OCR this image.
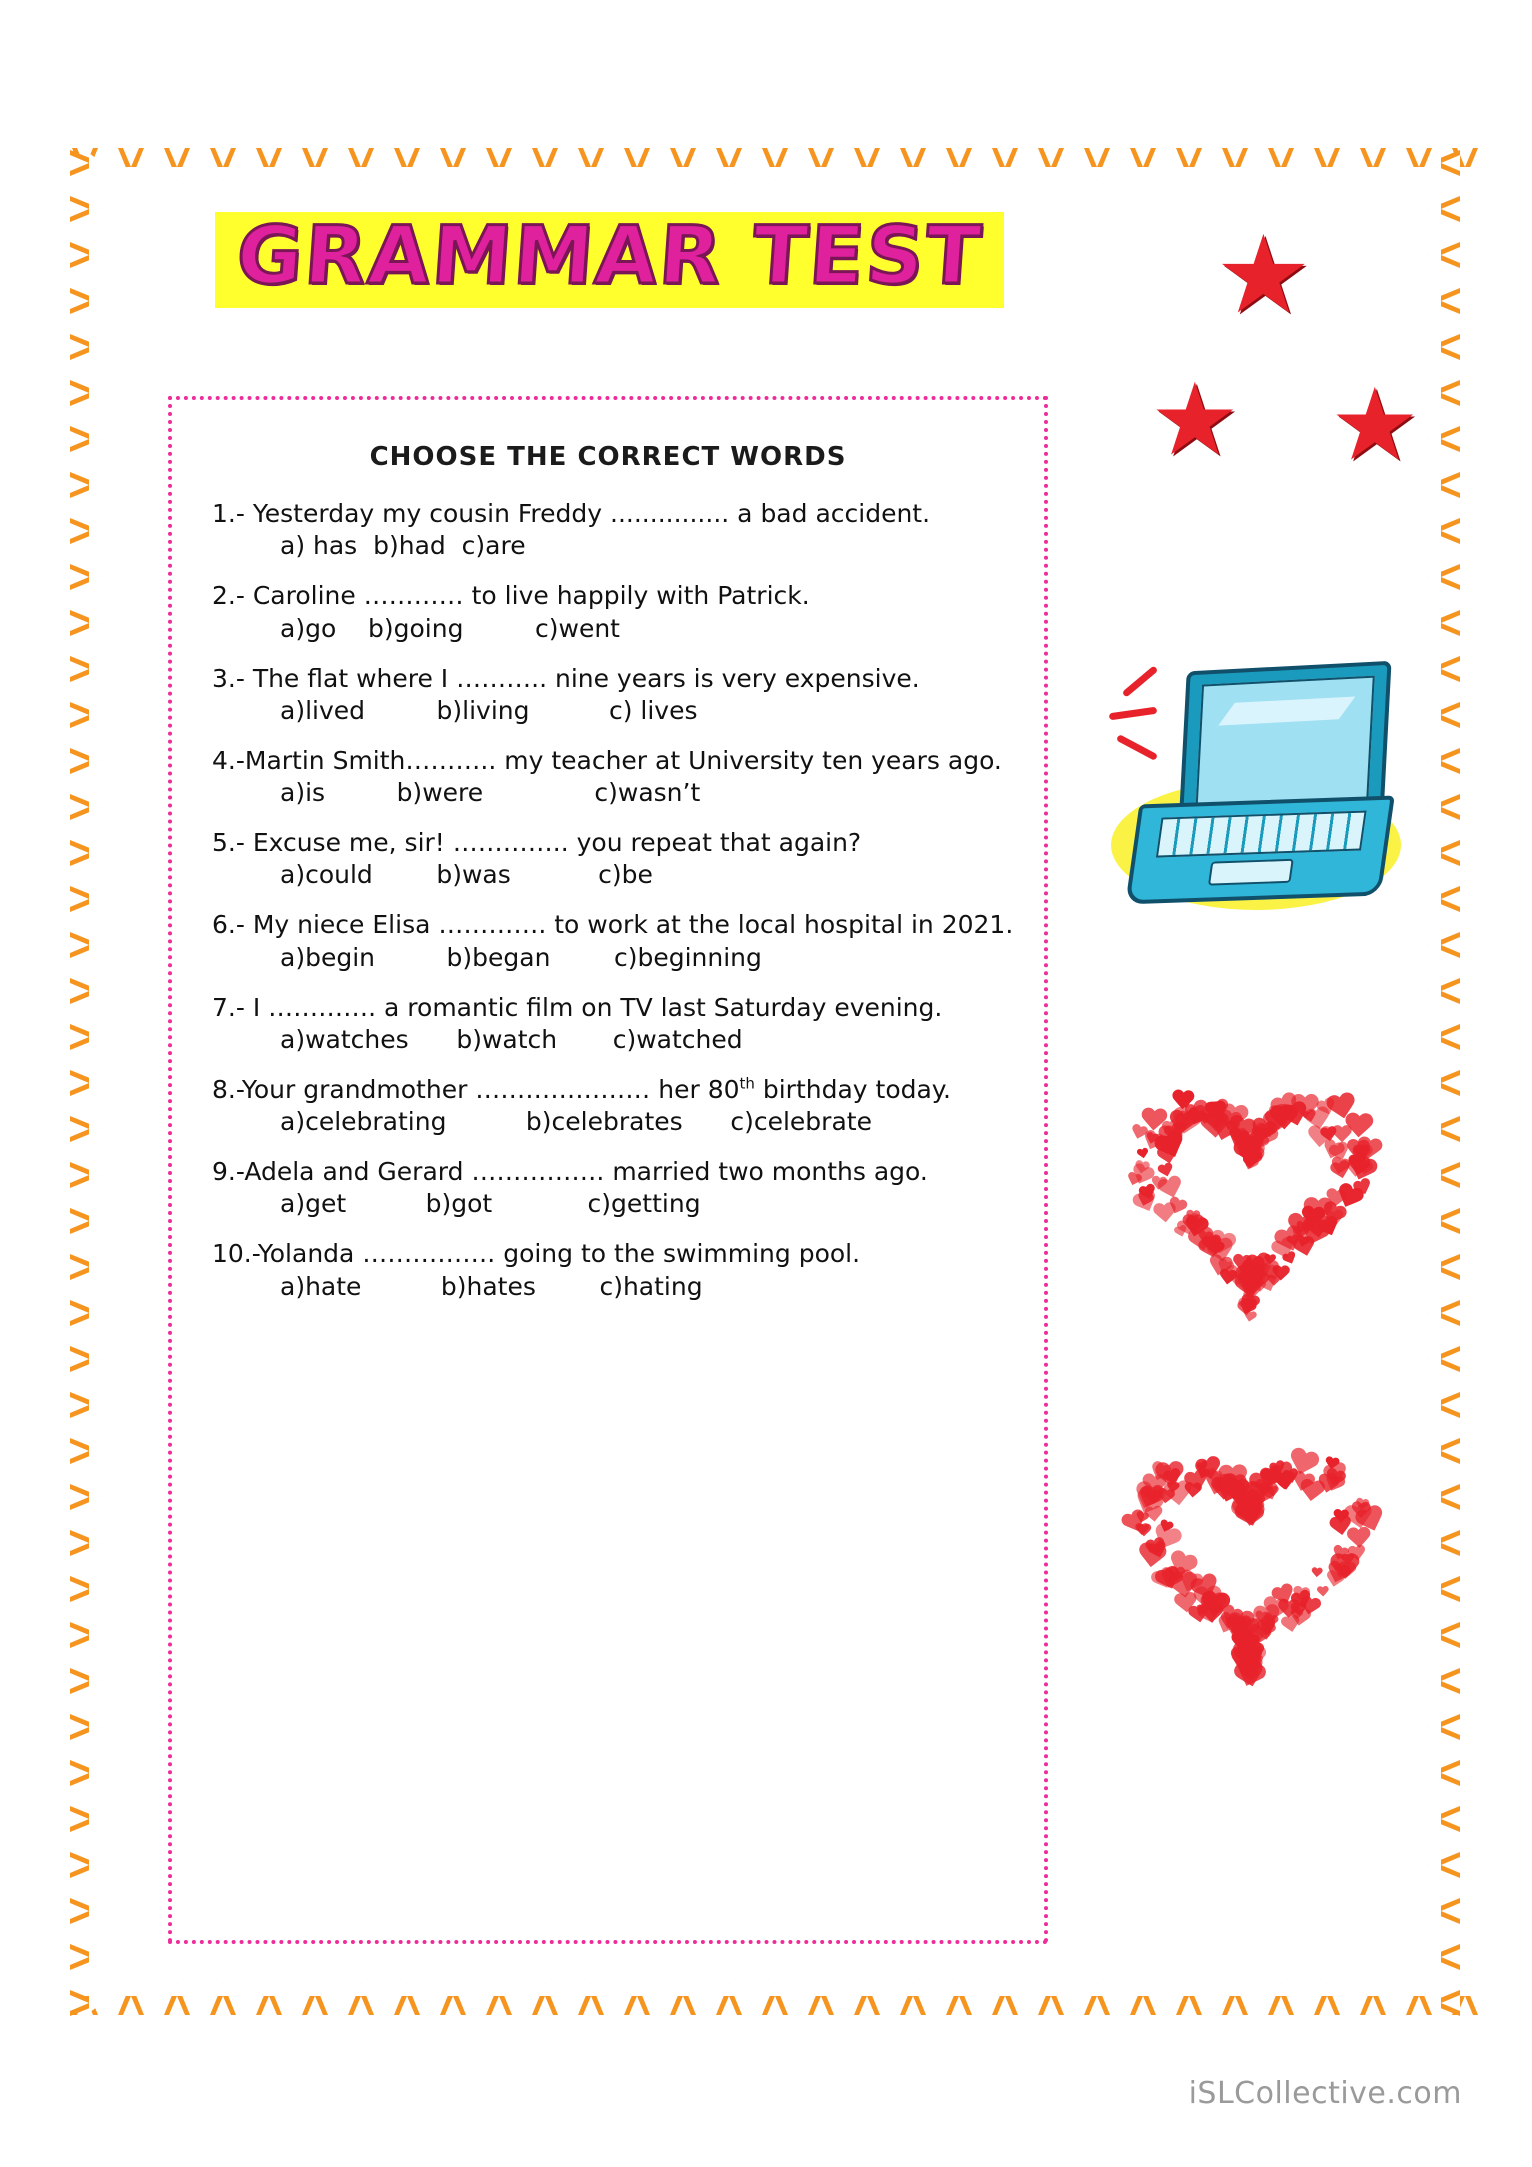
GRAMMAR TEST ★
★ ★
CHOOSE THE CORRECT WORDS
1.- Yesterday my cousin Freddy ............... a bad accident.
a) has  b)had  c)are
2.- Caroline ………… to live happily with Patrick.
a)go    b)going         c)went
3.- The flat where I ……….. nine years is very expensive.
a)lived         b)living          c) lives
4.-Martin Smith……….. my teacher at University ten years ago.
a)is         b)were              c)wasn’t
5.- Excuse me, sir! ………….. you repeat that again?
a)could        b)was           c)be
6.- My niece Elisa …………. to work at the local hospital in 2021.
a)begin         b)began        c)beginning
7.- I …………. a romantic film on TV last Saturday evening.
a)watches      b)watch       c)watched
8.-Your grandmother ………………… her 80th birthday today.
a)celebrating          b)celebrates      c)celebrate
9.-Adela and Gerard ……………. married two months ago.
a)get          b)got            c)getting
10.-Yolanda ……………. going to the swimming pool.
a)hate          b)hates        c)hating
iSLCollective.com
